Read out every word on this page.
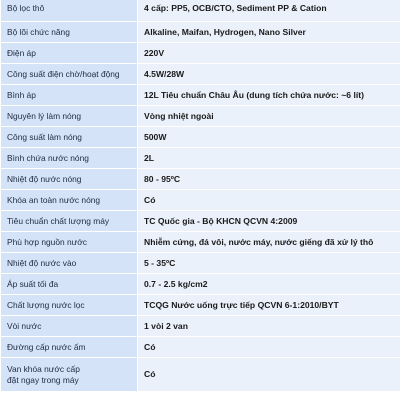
Bộ lọc thô	4 cấp: PP5, OCB/CTO, Sediment PP & Cation
Bộ lõi chức năng	Alkaline, Maifan, Hydrogen, Nano Silver
Điện áp	220V
Công suất điện chờ/hoạt động	4.5W/28W
Bình áp	12L Tiêu chuẩn Châu Âu (dung tích chứa nước: ~6 lít)
Nguyên lý làm nóng	Vòng nhiệt ngoài
Công suất làm nóng	500W
Bình chứa nước nóng	2L
Nhiệt độ nước nóng	80 - 95ºC
Khóa an toàn nước nóng	Có
Tiêu chuẩn chất lượng máy	TC Quốc gia - Bộ KHCN QCVN 4:2009
Phù hợp nguồn nước	Nhiễm cứng, đá vôi, nước máy, nước giếng đã xử lý thô
Nhiệt độ nước vào	5 - 35ºC
Áp suất tối đa	0.7 - 2.5 kg/cm2
Chất lượng nước lọc	TCQG Nước uống trực tiếp QCVN 6-1:2010/BYT
Vòi nước	1 vòi 2 van
Đường cấp nước ấm	Có

Van khóa nước cấp
đặt ngay trong máy	Có
